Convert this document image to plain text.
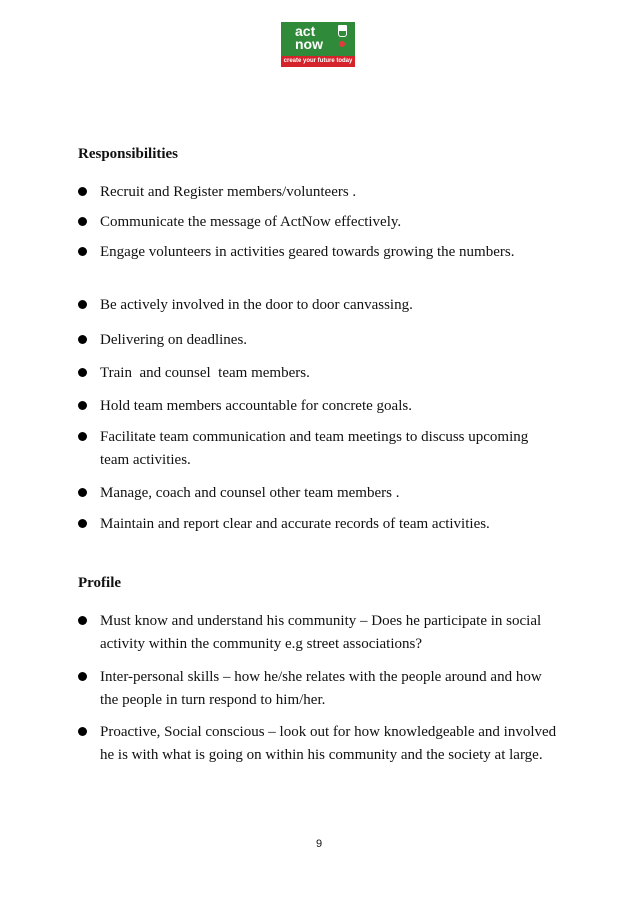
act
now
create your future today
Responsibilities
Recruit and Register members/volunteers .
Communicate the message of ActNow effectively.
Engage volunteers in activities geared towards growing the numbers.
Be actively involved in the door to door canvassing.
Delivering on deadlines.
Train  and counsel  team members.
Hold team members accountable for concrete goals.
Facilitate team communication and team meetings to discuss upcoming team activities.
Manage, coach and counsel other team members .
Maintain and report clear and accurate records of team activities.
Profile
Must know and understand his community – Does he participate in social activity within the community e.g street associations?
Inter-personal skills – how he/she relates with the people around and how the people in turn respond to him/her.
Proactive, Social conscious – look out for how knowledgeable and involved he is with what is going on within his community and the society at large.
9
